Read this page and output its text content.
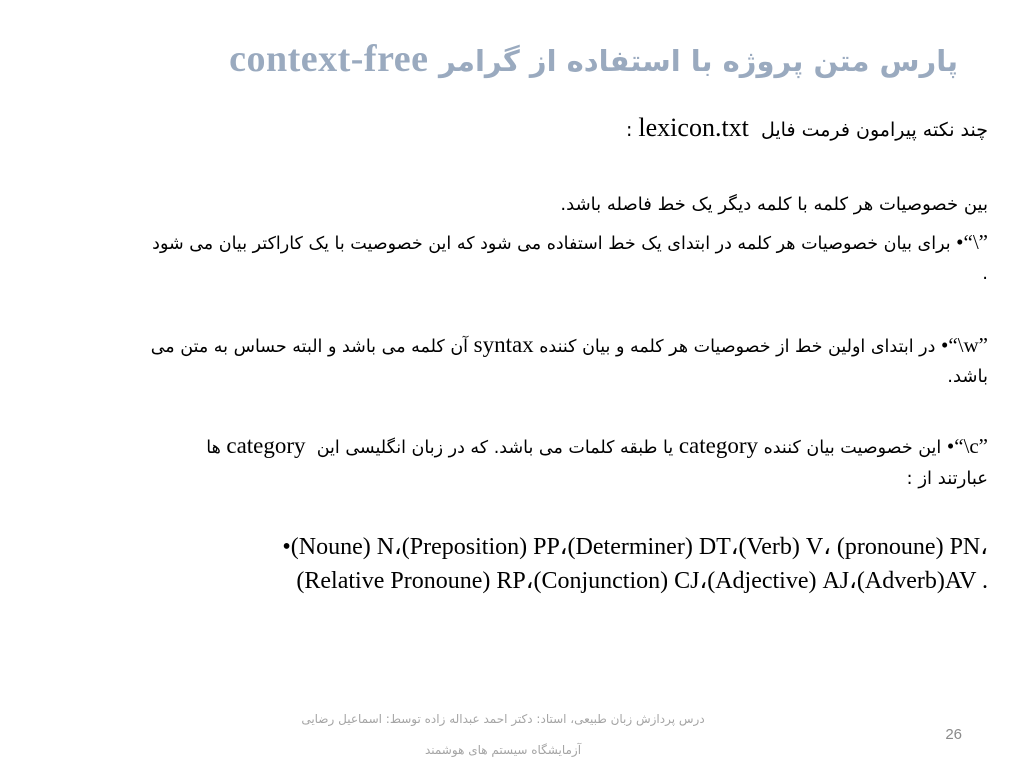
پارس متن پروژه با استفاده از گرامر context-free
چند نکته پیرامون فرمت فایل  lexicon.txt :
بین خصوصیات هر کلمه با کلمه دیگر یک خط فاصله باشد.
•“\” برای بیان خصوصیات هر کلمه در ابتدای یک خط استفاده می شود که این خصوصیت با یک کاراکتر بیان می شود
.
•“\w” در ابتدای اولین خط از خصوصیات هر کلمه و بیان کننده syntax آن کلمه می باشد و البته حساس به متن می
باشد.
•“\c” این خصوصیت بیان کننده category یا طبقه کلمات می باشد. که در زبان انگلیسی این  category ها
عبارتند از :
•(Noune) N،(Preposition) PP،(Determiner) DT،(Verb) V، (pronoune) PN،
(Relative Pronoune) RP،(Conjunction) CJ،(Adjective) AJ،(Adverb)AV .
درس پردازش زبان طبیعی، استاد: دکتر احمد عبداله زاده توسط: اسماعیل رضایی
آزمایشگاه سیستم های هوشمند
26
